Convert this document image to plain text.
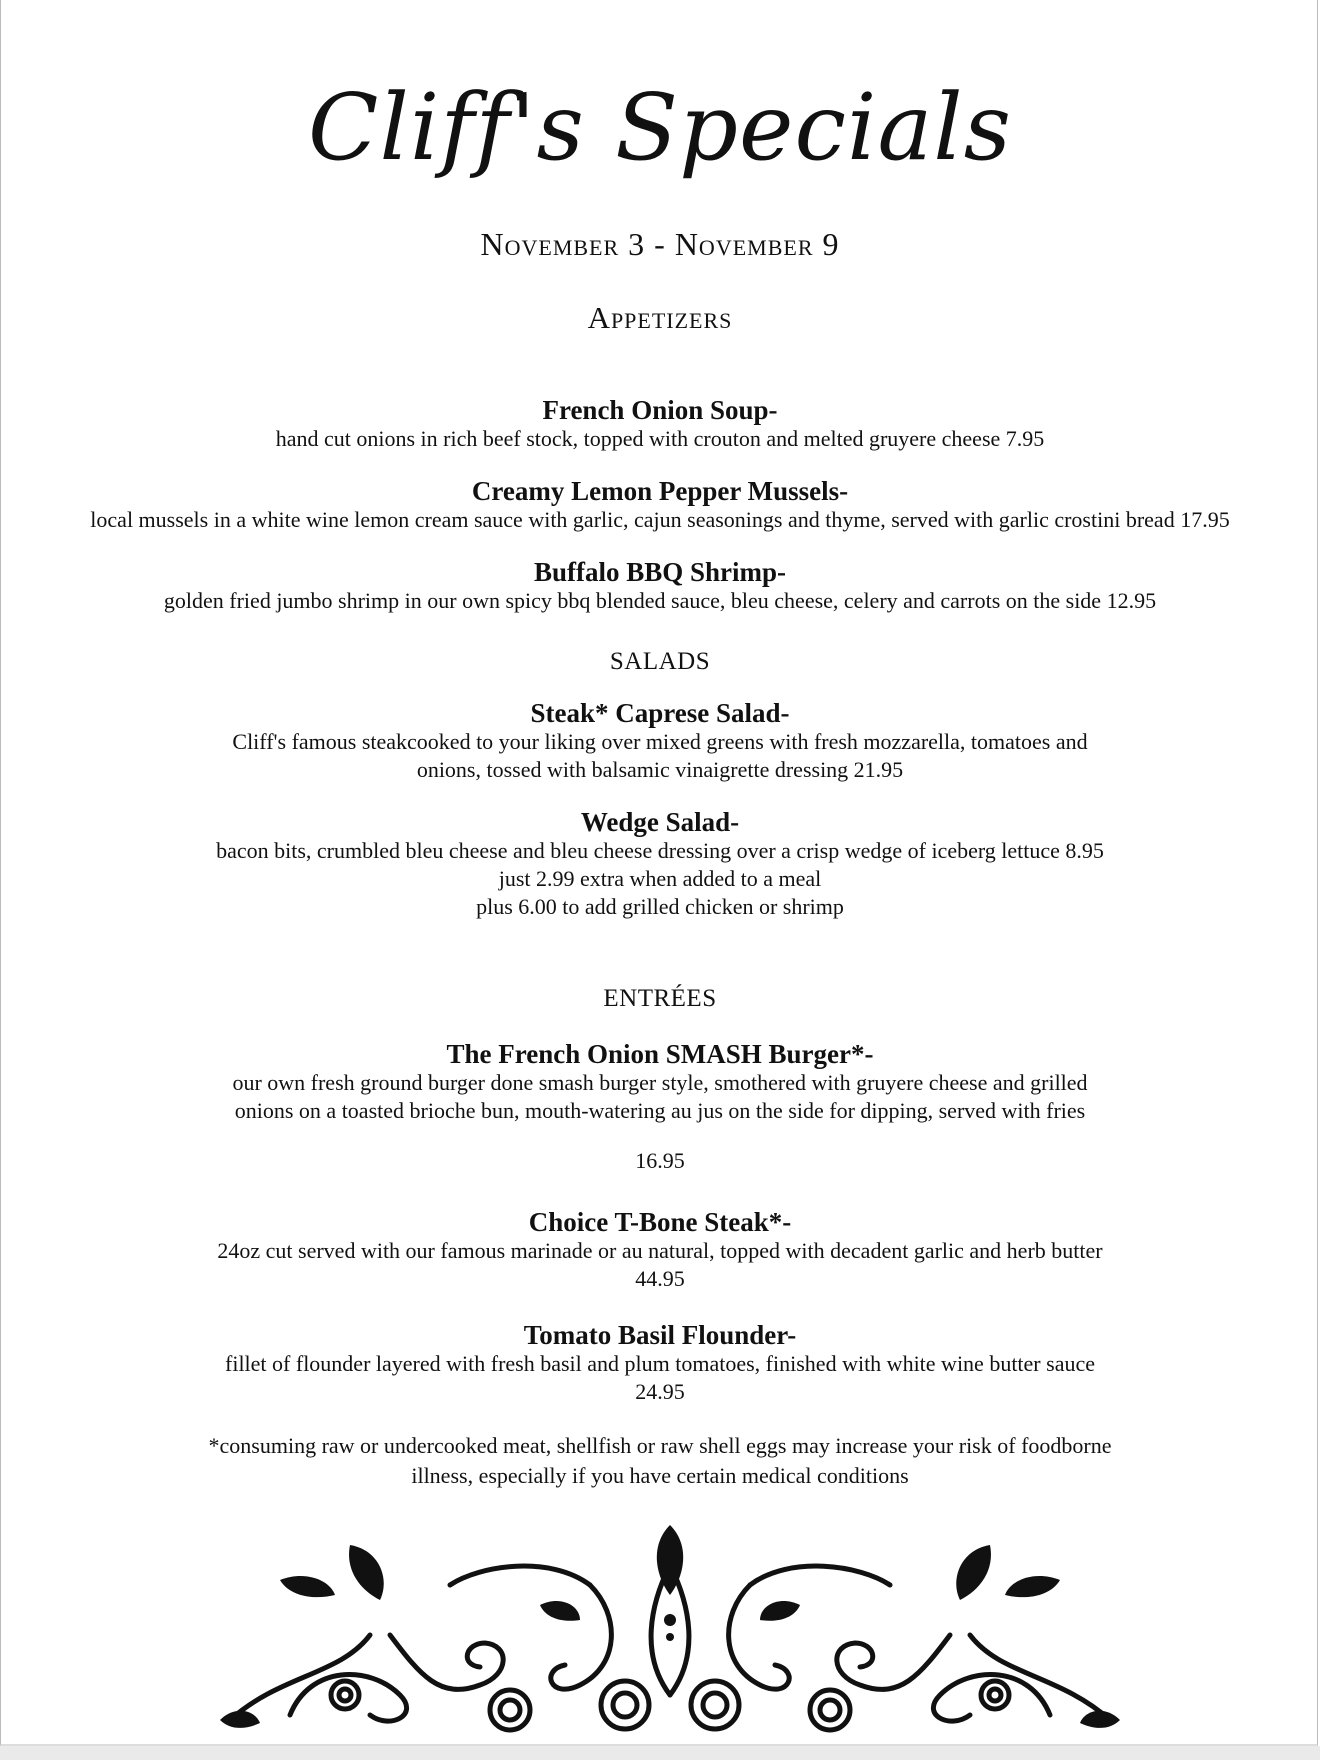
Cliff's Specials
November 3 - November 9
Appetizers
French Onion Soup-
hand cut onions in rich beef stock, topped with crouton and melted gruyere cheese 7.95
Creamy Lemon Pepper Mussels-
local mussels in a white wine lemon cream sauce with garlic, cajun seasonings and thyme, served with garlic crostini bread 17.95
Buffalo BBQ Shrimp-
golden fried jumbo shrimp in our own spicy bbq blended sauce, bleu cheese, celery and carrots on the side 12.95
SALADS
Steak* Caprese Salad-
Cliff's famous steakcooked to your liking over mixed greens with fresh mozzarella, tomatoes and
onions, tossed with balsamic vinaigrette dressing 21.95
Wedge Salad-
bacon bits, crumbled bleu cheese and bleu cheese dressing over a crisp wedge of iceberg lettuce 8.95
just 2.99 extra when added to a meal
plus 6.00 to add grilled chicken or shrimp
ENTRÉES
The French Onion SMASH Burger*-
our own fresh ground burger done smash burger style, smothered with gruyere cheese and grilled
onions on a toasted brioche bun, mouth-watering au jus on the side for dipping, served with fries
16.95
Choice T-Bone Steak*-
24oz cut served with our famous marinade or au natural, topped with decadent garlic and herb butter
44.95
Tomato Basil Flounder-
fillet of flounder layered with fresh basil and plum tomatoes, finished with white wine butter sauce
24.95
*consuming raw or undercooked meat, shellfish or raw shell eggs may increase your risk of foodborne
illness, especially if you have certain medical conditions
